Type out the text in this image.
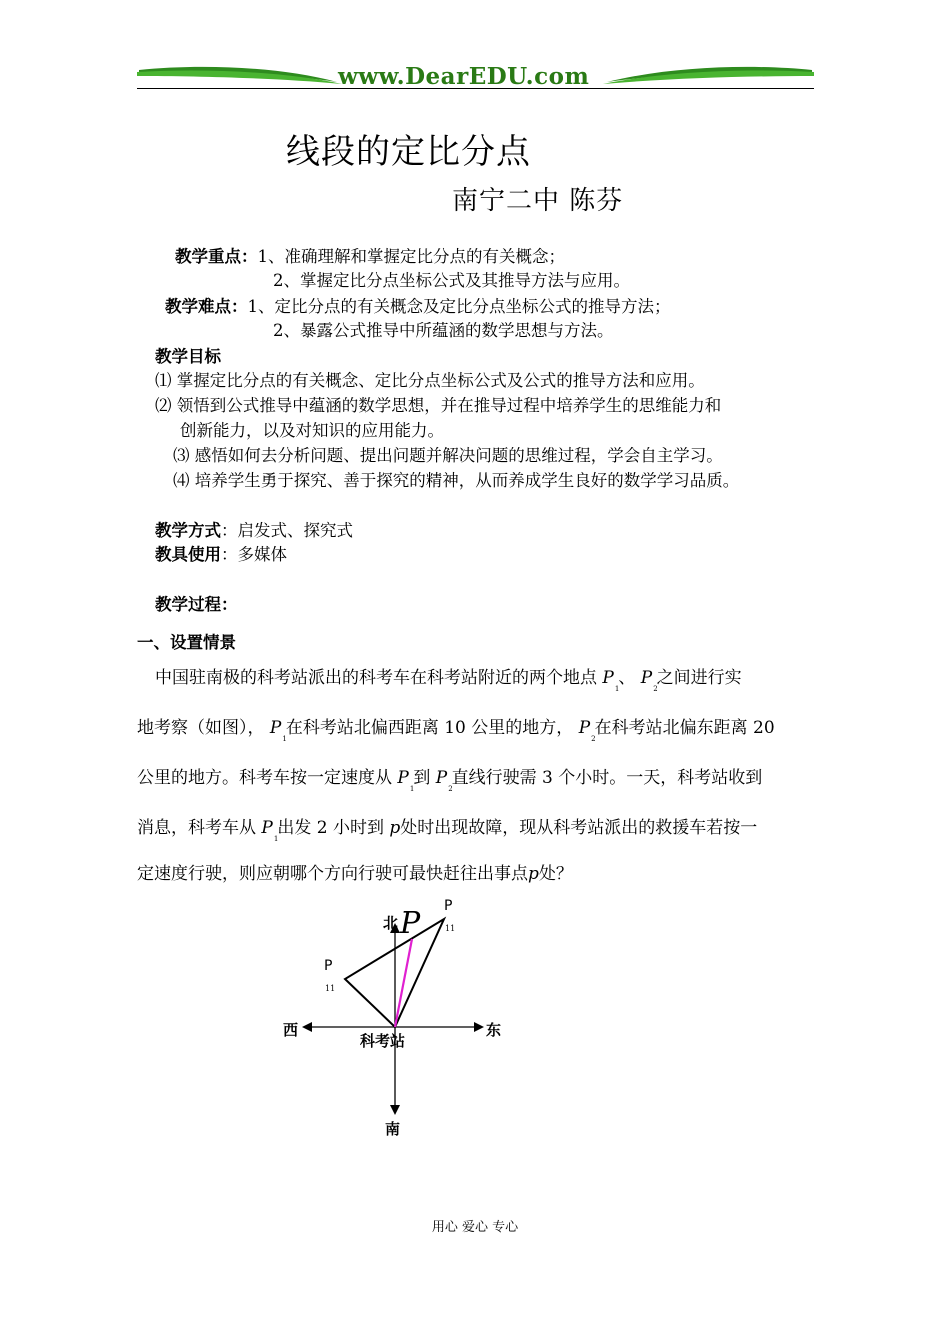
www.DearEDU.com
线段的定比分点
南宁二中 陈芬
教学重点：1、准确理解和掌握定比分点的有关概念；
2、掌握定比分点坐标公式及其推导方法与应用。
教学难点：1、定比分点的有关概念及定比分点坐标公式的推导方法；
2、暴露公式推导中所蕴涵的数学思想与方法。
教学目标
⑴ 掌握定比分点的有关概念、定比分点坐标公式及公式的推导方法和应用。
⑵ 领悟到公式推导中蕴涵的数学思想，并在推导过程中培养学生的思维能力和
创新能力，以及对知识的应用能力。
⑶ 感悟如何去分析问题、提出问题并解决问题的思维过程，学会自主学习。
⑷ 培养学生勇于探究、善于探究的精神，从而养成学生良好的数学学习品质。
教学方式：启发式、探究式
教具使用：多媒体
教学过程：
一、设置情景
中国驻南极的科考站派出的科考车在科考站附近的两个地点 $P_1$、 $P_2$之间进行实
地考察（如图）， $P_1$在科考站北偏西距离 10 公里的地方， $P_2$在科考站北偏东距离 20
公里的地方。科考车按一定速度从 $P_1$到 $P_2$直线行驶需 3 个小时。一天，科考站收到
消息，科考车从 $P_1$出发 2 小时到 p处时出现故障，现从科考站派出的救援车若按一
定速度行驶，则应朝哪个方向行驶可最快赶往出事点p处？
北
南
西	东
科考站
P P
11
P
11
用心 爱心 专心
